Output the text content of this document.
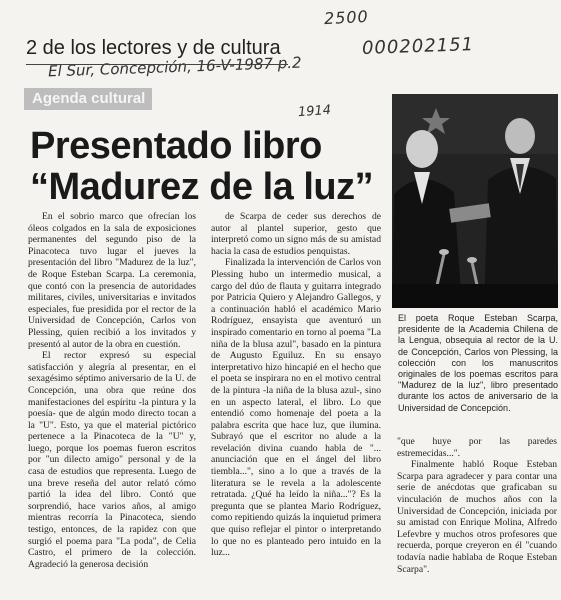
2500
000202151
El Sur, Concepción, 16-V-1987 p.2
1914
2 de los lectores y de cultura
Agenda cultural
Presentado libro
“Madurez de la luz”
El poeta Roque Esteban Scarpa, presidente de la Academia Chilena de la Lengua, obsequia al rector de la U. de Concepción, Carlos von Plessing, la colección con los manuscritos originales de los poemas escritos para "Madurez de la luz", libro presentado durante los actos de aniversario de la Universidad de Concepción.

En el sobrio marco que ofrecían los óleos colgados en la sala de exposiciones permanentes del segundo piso de la Pinacoteca tuvo lugar el jueves la presentación del libro "Madurez de la luz", de Roque Esteban Scarpa. La ceremonia, que contó con la presencia de autoridades militares, civiles, universitarias e invitados especiales, fue presidida por el rector de la Universidad de Concepción, Carlos von Plessing, quien recibió a los invitados y presentó al autor de la obra en cuestión.

El rector expresó su especial satisfacción y alegría al presentar, en el sexagésimo séptimo aniversario de la U. de Concepción, una obra que reúne dos manifestaciones del espíritu -la pintura y la poesía- que de algún modo directo tocan a la "U". Esto, ya que el material pictórico pertenece a la Pinacoteca de la "U" y, luego, porque los poemas fueron escritos por "un dilecto amigo" personal y de la casa de estudios que representa. Luego de una breve reseña del autor relató cómo partió la idea del libro. Contó que sorprendió, hace varios años, al amigo mientras recorría la Pinacoteca, siendo testigo, entonces, de la rapidez con que surgió el poema para "La poda", de Celia Castro, el primero de la colección. Agradeció la generosa decisión

de Scarpa de ceder sus derechos de autor al plantel superior, gesto que interpretó como un signo más de su amistad hacia la casa de estudios penquistas.

Finalizada la intervención de Carlos von Plessing hubo un intermedio musical, a cargo del dúo de flauta y guitarra integrado por Patricia Quiero y Alejandro Gallegos, y a continuación habló el académico Mario Rodríguez, ensayista que aventuró un inspirado comentario en torno al poema "La niña de la blusa azul", basado en la pintura de Augusto Eguiluz. En su ensayo interpretativo hizo hincapié en el hecho que el poeta se inspirara no en el motivo central de la pintura -la niña de la blusa azul-, sino en un aspecto lateral, el libro. Lo que entendió como homenaje del poeta a la palabra escrita que hace luz, que ilumina. Subrayó que el escritor no alude a la revelación divina cuando habla de "... anunciación que en el ángel del libro tiembla...", sino a lo que a través de la literatura se le revela a la adolescente retratada. ¿Qué ha leído la niña..."? Es la pregunta que se plantea Mario Rodríguez, como repitiendo quizás la inquietud primera que quiso reflejar el pintor o interpretando lo que no es planteado pero intuido en la luz...

"que huye por las paredes estremecidas...".

Finalmente habló Roque Esteban Scarpa para agradecer y para contar una serie de anécdotas que graficaban su vinculación de muchos años con la Universidad de Concepción, iniciada por su amistad con Enrique Molina, Alfredo Lefevbre y muchos otros profesores que recuerda, porque creyeron en él "cuando todavía nadie hablaba de Roque Esteban Scarpa".
